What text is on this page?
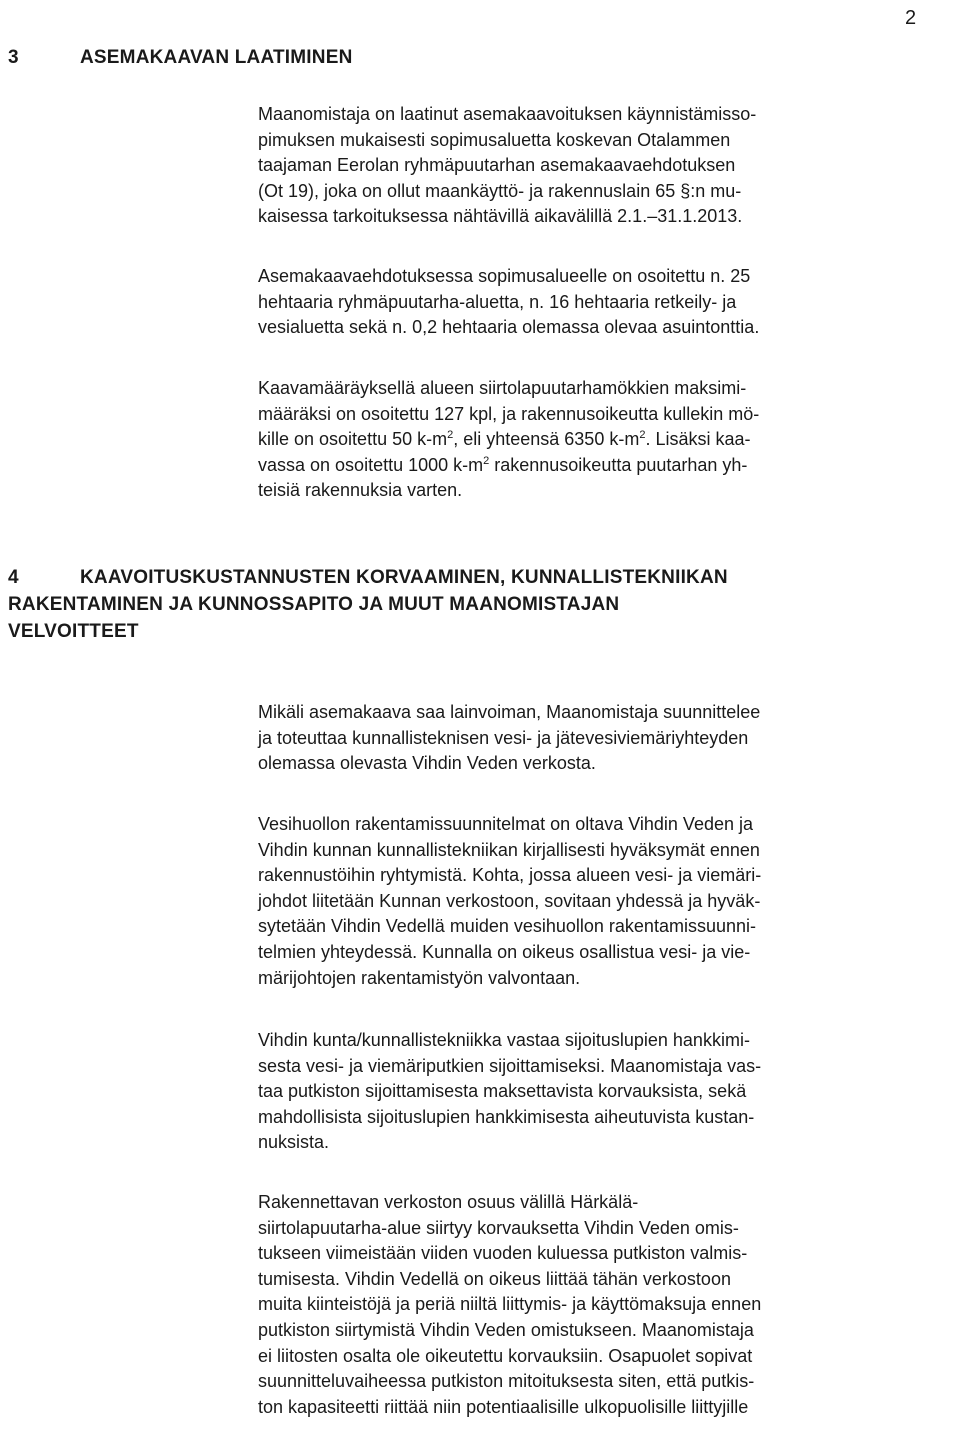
2
3	ASEMAKAAVAN LAATIMINEN
Maanomistaja on laatinut asemakaavoituksen käynnistämisso-
pimuksen mukaisesti sopimusaluetta koskevan Otalammen
taajaman Eerolan ryhmäpuutarhan asemakaavaehdotuksen
(Ot 19), joka on ollut maankäyttö- ja rakennuslain 65 §:n mu-
kaisessa tarkoituksessa nähtävillä aikavälillä 2.1.–31.1.2013.
Asemakaavaehdotuksessa sopimusalueelle on osoitettu n. 25
hehtaaria ryhmäpuutarha-aluetta, n. 16 hehtaaria retkeily- ja
vesialuetta sekä n. 0,2 hehtaaria olemassa olevaa asuintonttia.
Kaavamääräyksellä alueen siirtolapuutarhamökkien maksimi-
määräksi on osoitettu 127 kpl, ja rakennusoikeutta kullekin mö-
kille on osoitettu 50 $k-m^2$, eli yhteensä 6350 $k-m^2$. Lisäksi kaa-
vassa on osoitettu 1000 $k-m^2$ rakennusoikeutta puutarhan yh-
teisiä rakennuksia varten.
4	KAAVOITUSKUSTANNUSTEN KORVAAMINEN, KUNNALLISTEKNIIKAN
RAKENTAMINEN JA KUNNOSSAPITO JA MUUT MAANOMISTAJAN
VELVOITTEET
Mikäli asemakaava saa lainvoiman, Maanomistaja suunnittelee
ja toteuttaa kunnallisteknisen vesi- ja jätevesiviemäriyhteyden
olemassa olevasta Vihdin Veden verkosta.
Vesihuollon rakentamissuunnitelmat on oltava Vihdin Veden ja
Vihdin kunnan kunnallistekniikan kirjallisesti hyväksymät ennen
rakennustöihin ryhtymistä. Kohta, jossa alueen vesi- ja viemäri-
johdot liitetään Kunnan verkostoon, sovitaan yhdessä ja hyväk-
sytetään Vihdin Vedellä muiden vesihuollon rakentamissuunni-
telmien yhteydessä. Kunnalla on oikeus osallistua vesi- ja vie-
märijohtojen rakentamistyön valvontaan.
Vihdin kunta/kunnallistekniikka vastaa sijoituslupien hankkimi-
sesta vesi- ja viemäriputkien sijoittamiseksi. Maanomistaja vas-
taa putkiston sijoittamisesta maksettavista korvauksista, sekä
mahdollisista sijoituslupien hankkimisesta aiheutuvista kustan-
nuksista.
Rakennettavan verkoston osuus välillä Härkälä-
siirtolapuutarha-alue siirtyy korvauksetta Vihdin Veden omis-
tukseen viimeistään viiden vuoden kuluessa putkiston valmis-
tumisesta. Vihdin Vedellä on oikeus liittää tähän verkostoon
muita kiinteistöjä ja periä niiltä liittymis- ja käyttömaksuja ennen
putkiston siirtymistä Vihdin Veden omistukseen. Maanomistaja
ei liitosten osalta ole oikeutettu korvauksiin. Osapuolet sopivat
suunnitteluvaiheessa putkiston mitoituksesta siten, että putkis-
ton kapasiteetti riittää niin potentiaalisille ulkopuolisille liittyjille
